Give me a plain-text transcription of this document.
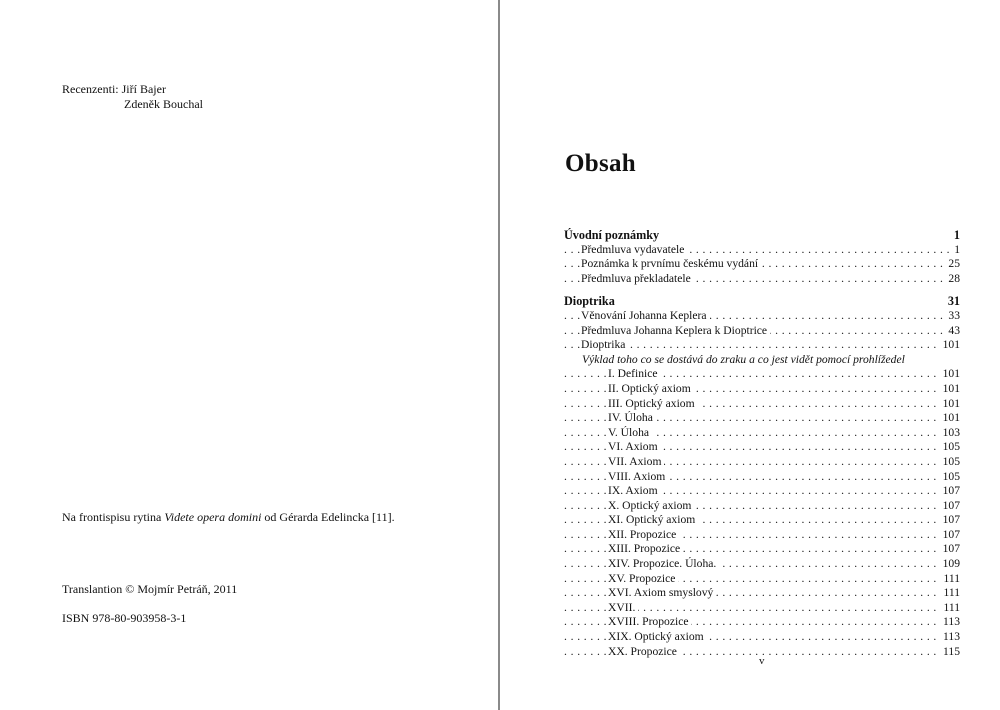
Recenzenti: Jiří Bajer
Zdeněk Bouchal
Na frontispisu rytina Videte opera domini od Gérarda Edelincka [11].
Translantion © Mojmír Petráň, 2011
ISBN 978-80-903958-3-1
Obsah
Úvodní poznámky	1
. . . Předmluva vydavatele	1
. . . Poznámka k prvnímu českému vydání	25
. . . Předmluva překladatele	28
Dioptrika	31
. . . Věnování Johanna Keplera	33
. . . Předmluva Johanna Keplera k Dioptrice	43
. . . Dioptrika	101
Výklad toho co se dostává do zraku a co jest vidět pomocí prohlížedel
. . . I. Definice	101
. . . II. Optický axiom	101
. . . III. Optický axiom	101
. . . IV. Úloha	101
. . . V. Úloha	103
. . . VI. Axiom	105
. . . VII. Axiom	105
. . . VIII. Axiom	105
. . . IX. Axiom	107
. . . X. Optický axiom	107
. . . XI. Optický axiom	107
. . . XII. Propozice	107
. . . XIII. Propozice	107
. . . XIV. Propozice. Úloha.	109
. . . XV. Propozice	111
. . . XVI. Axiom smyslový	111
. . . XVII.	111
. . . XVIII. Propozice	113
. . . XIX. Optický axiom	113
. . . XX. Propozice	115
v
